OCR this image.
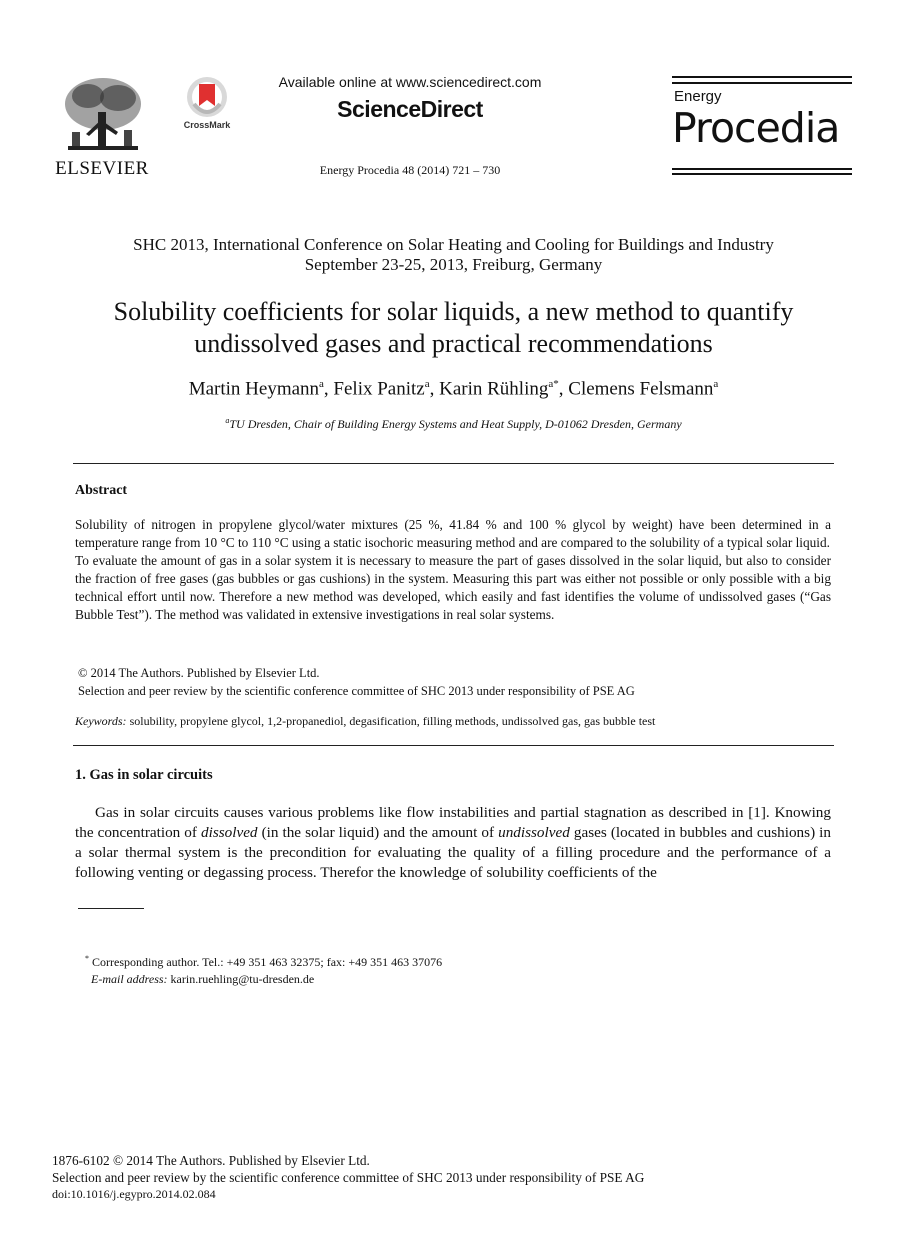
ELSEVIER
CrossMark
Available online at www.sciencedirect.com
ScienceDirect
Energy Procedia 48 (2014) 721 – 730
Energy
Procedia
SHC 2013, International Conference on Solar Heating and Cooling for Buildings and Industry
September 23-25, 2013, Freiburg, Germany
Solubility coefficients for solar liquids, a new method to quantify
undissolved gases and practical recommendations
Martin Heymann$^a$, Felix Panitz$^a$, Karin Rühling$^{a*}$, Clemens Felsmann$^a$
$^a$TU Dresden, Chair of Building Energy Systems and Heat Supply, D-01062 Dresden, Germany
Abstract

Solubility of nitrogen in propylene glycol/water mixtures (25 %, 41.84 % and 100 % glycol by weight) have been determined in a temperature range from 10 °C to 110 °C using a static isochoric measuring method and are compared to the solubility of a typical solar liquid.

To evaluate the amount of gas in a solar system it is necessary to measure the part of gases dissolved in the solar liquid, but also to consider the fraction of free gases (gas bubbles or gas cushions) in the system. Measuring this part was either not possible or only possible with a big technical effort until now. Therefore a new method was developed, which easily and fast identifies the volume of undissolved gases (“Gas Bubble Test”). The method was validated in extensive investigations in real solar systems.

© 2014 The Authors. Published by Elsevier Ltd.
Selection and peer review by the scientific conference committee of SHC 2013 under responsibility of PSE AG
Keywords: solubility, propylene glycol, 1,2-propanediol, degasification, filling methods, undissolved gas, gas bubble test
1. Gas in solar circuits
Gas in solar circuits causes various problems like flow instabilities and partial stagnation as described in [1]. Knowing the concentration of dissolved (in the solar liquid) and the amount of undissolved gases (located in bubbles and cushions) in a solar thermal system is the precondition for evaluating the quality of a filling procedure and the performance of a following venting or degassing process. Therefor the knowledge of solubility coefficients of the
* Corresponding author. Tel.: +49 351 463 32375; fax: +49 351 463 37076
E-mail address: karin.ruehling@tu-dresden.de
1876-6102 © 2014 The Authors. Published by Elsevier Ltd.
Selection and peer review by the scientific conference committee of SHC 2013 under responsibility of PSE AG
doi:10.1016/j.egypro.2014.02.084
